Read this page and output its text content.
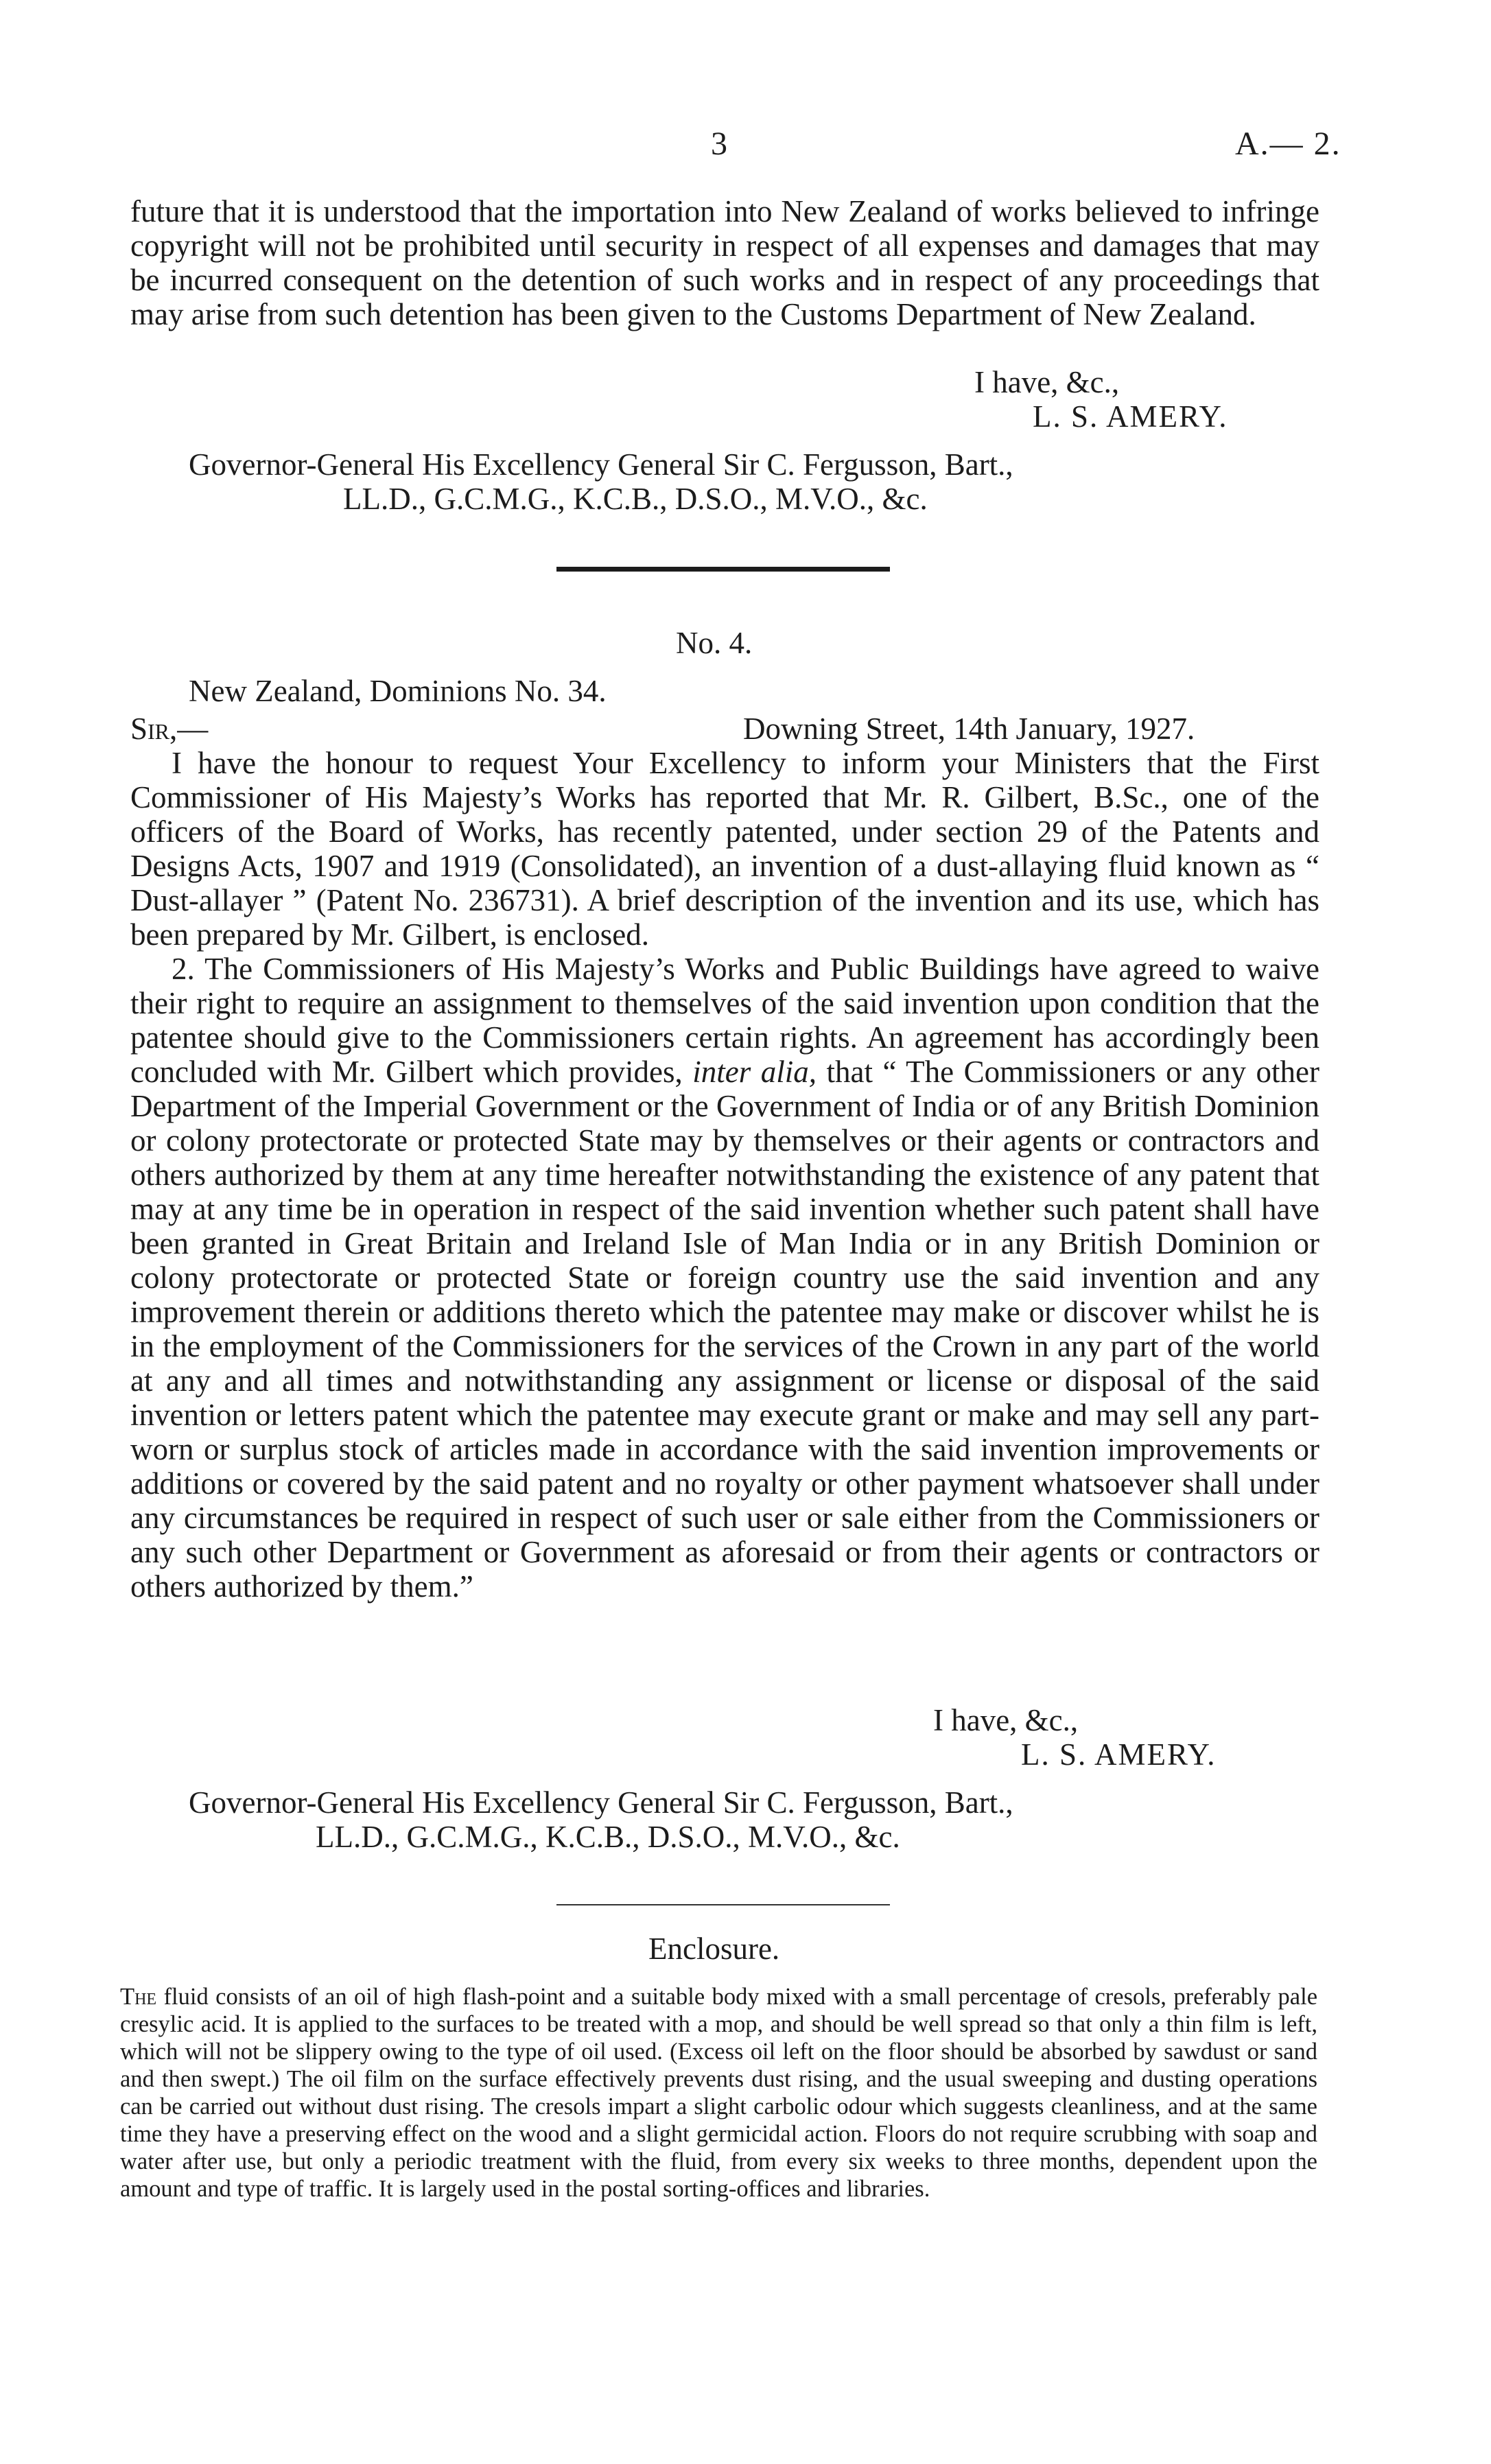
3	A.— 2.

future that it is understood that the importation into New Zealand of works believed to infringe copyright will not be prohibited until security in respect of all expenses and damages that may be incurred consequent on the detention of such works and in respect of any proceedings that may arise from such detention has been given to the Customs Department of New Zealand.

I have, &c.,
L. S. AMERY.
Governor-General His Excellency General Sir C. Fergusson, Bart.,
LL.D., G.C.M.G., K.C.B., D.S.O., M.V.O., &c.
No. 4.
New Zealand, Dominions No. 34.
Sir,—	Downing Street, 14th January, 1927.

I have the honour to request Your Excellency to inform your Ministers that the First Commissioner of His Majesty’s Works has reported that Mr. R. Gilbert, B.Sc., one of the officers of the Board of Works, has recently patented, under section 29 of the Patents and Designs Acts, 1907 and 1919 (Consolidated), an invention of a dust-allaying fluid known as “ Dust-allayer ” (Patent No. 236731). A brief description of the invention and its use, which has been prepared by Mr. Gilbert, is enclosed.

2. The Commissioners of His Majesty’s Works and Public Buildings have agreed to waive their right to require an assignment to themselves of the said invention upon condition that the patentee should give to the Commissioners certain rights. An agreement has accordingly been concluded with Mr. Gilbert which provides, inter alia, that “ The Commissioners or any other Department of the Imperial Government or the Government of India or of any British Dominion or colony protectorate or protected State may by themselves or their agents or contractors and others authorized by them at any time hereafter notwithstanding the existence of any patent that may at any time be in operation in respect of the said invention whether such patent shall have been granted in Great Britain and Ireland Isle of Man India or in any British Dominion or colony protectorate or protected State or foreign country use the said invention and any improvement therein or additions thereto which the patentee may make or discover whilst he is in the employment of the Commissioners for the services of the Crown in any part of the world at any and all times and notwithstanding any assignment or license or disposal of the said invention or letters patent which the patentee may execute grant or make and may sell any part-worn or surplus stock of articles made in accordance with the said invention improvements or additions or covered by the said patent and no royalty or other payment whatsoever shall under any circumstances be required in respect of such user or sale either from the Commissioners or any such other Department or Government as aforesaid or from their agents or contractors or others authorized by them.”

I have, &c.,
L. S. AMERY.
Governor-General His Excellency General Sir C. Fergusson, Bart.,
LL.D., G.C.M.G., K.C.B., D.S.O., M.V.O., &c.
Enclosure.
The fluid consists of an oil of high flash-point and a suitable body mixed with a small percentage of cresols, preferably pale cresylic acid. It is applied to the surfaces to be treated with a mop, and should be well spread so that only a thin film is left, which will not be slippery owing to the type of oil used. (Excess oil left on the floor should be absorbed by sawdust or sand and then swept.) The oil film on the surface effectively prevents dust rising, and the usual sweeping and dusting operations can be carried out without dust rising. The cresols impart a slight carbolic odour which suggests cleanliness, and at the same time they have a preserving effect on the wood and a slight germicidal action. Floors do not require scrubbing with soap and water after use, but only a periodic treatment with the fluid, from every six weeks to three months, dependent upon the amount and type of traffic. It is largely used in the postal sorting-offices and libraries.
